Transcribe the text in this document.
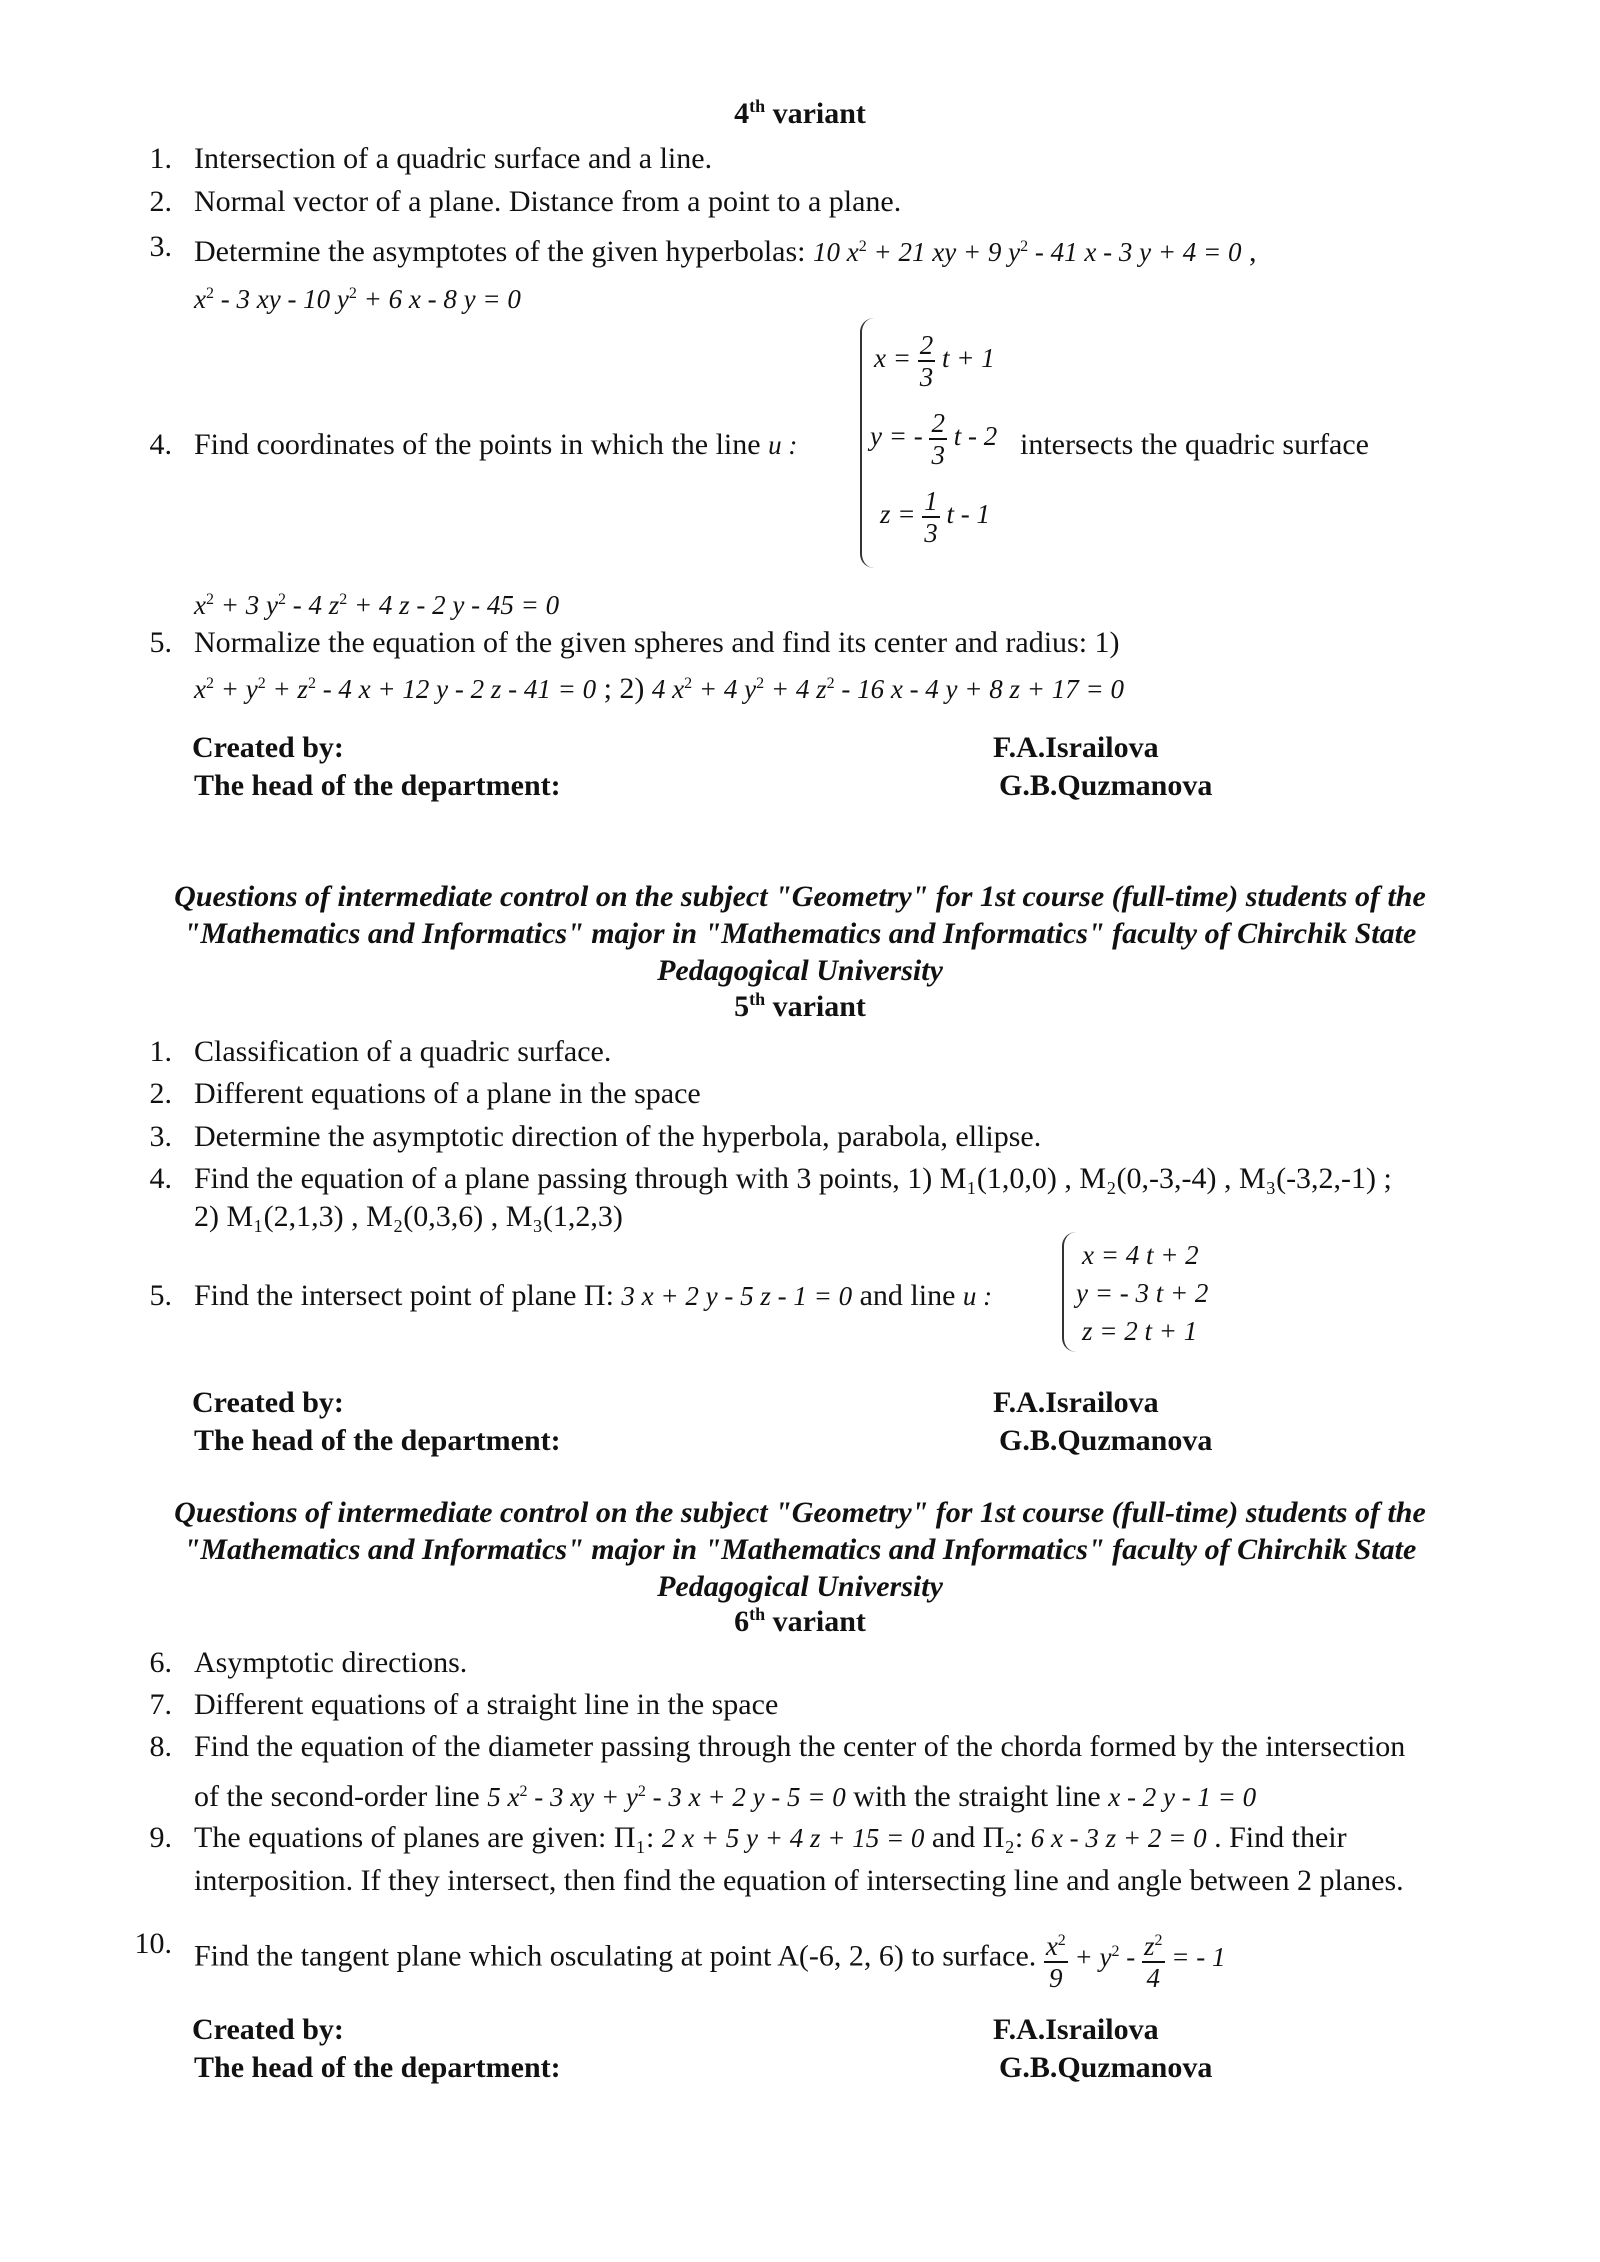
4th variant
1. Intersection of a quadric surface and a line.
2. Normal vector of a plane. Distance from a point to a plane.
3. Determine the asymptotes of the given hyperbolas: 10 $x^2 + 21$ xy + 9 $y^2 - 41$ x - 3 y + 4 = 0 ,
$x^2 - 3$ xy - 10 $y^2 + 6$ x - 8 y = 0
4. Find coordinates of the points in which the line u :	intersects the quadric surface
$x = \frac{2}{3}$ t + 1
y = - $\frac{2}{3}$ t - 2
$z = \frac{1}{3}$ t - 1
$x^2 + 3$ $y^2 - 4$ $z^2 + 4$ z - 2 y - 45 = 0
5. Normalize the equation of the given spheres and find its center and radius: 1)
$x^2 + y^2 + z^2 - 4$ x + 12 y - 2 z - 41 = 0 ; 2) 4 $x^2 + 4$ $y^2 + 4$ $z^2 - 16$ x - 4 y + 8 z + 17 = 0
Created by:	F.A.Israilova
The head of the department:	G.B.Quzmanova
Questions of intermediate control on the subject "Geometry" for 1st course (full-time) students of the
"Mathematics and Informatics" major in "Mathematics and Informatics" faculty of Chirchik State
Pedagogical University
5th variant
1. Classification of a quadric surface.
2. Different equations of a plane in the space
3. Determine the asymptotic direction of the hyperbola, parabola, ellipse.
4. Find the equation of a plane passing through with 3 points, 1) M₁(1,0,0) , M₂(0,-3,-4) , M₃(-3,2,-1) ;
2) M₁(2,1,3) , M₂(0,3,6) , M₃(1,2,3)
5. Find the intersect point of plane Π: 3 x + 2 y - 5 z - 1 = 0 and line u :
x = 4 t + 2
y = - 3 t + 2
z = 2 t + 1
Created by:	F.A.Israilova
The head of the department:	G.B.Quzmanova
Questions of intermediate control on the subject "Geometry" for 1st course (full-time) students of the
"Mathematics and Informatics" major in "Mathematics and Informatics" faculty of Chirchik State
Pedagogical University
6th variant
6. Asymptotic directions.
7. Different equations of a straight line in the space
8. Find the equation of the diameter passing through the center of the chorda formed by the intersection
of the second-order line 5 $x^2 - 3$ xy + $y^2 - 3$ x + 2 y - 5 = 0 with the straight line x - 2 y - 1 = 0
9. The equations of planes are given: Π₁: 2 x + 5 y + 4 z + 15 = 0 and Π₂: 6 x - 3 z + 2 = 0 . Find their
interposition. If they intersect, then find the equation of intersecting line and angle between 2 planes.
10. Find the tangent plane which osculating at point A(-6, 2, 6) to surface. $\frac{x^2}{9} + y^2 - \frac{z^2}{4}$ = - 1
Created by:	F.A.Israilova
The head of the department:	G.B.Quzmanova
